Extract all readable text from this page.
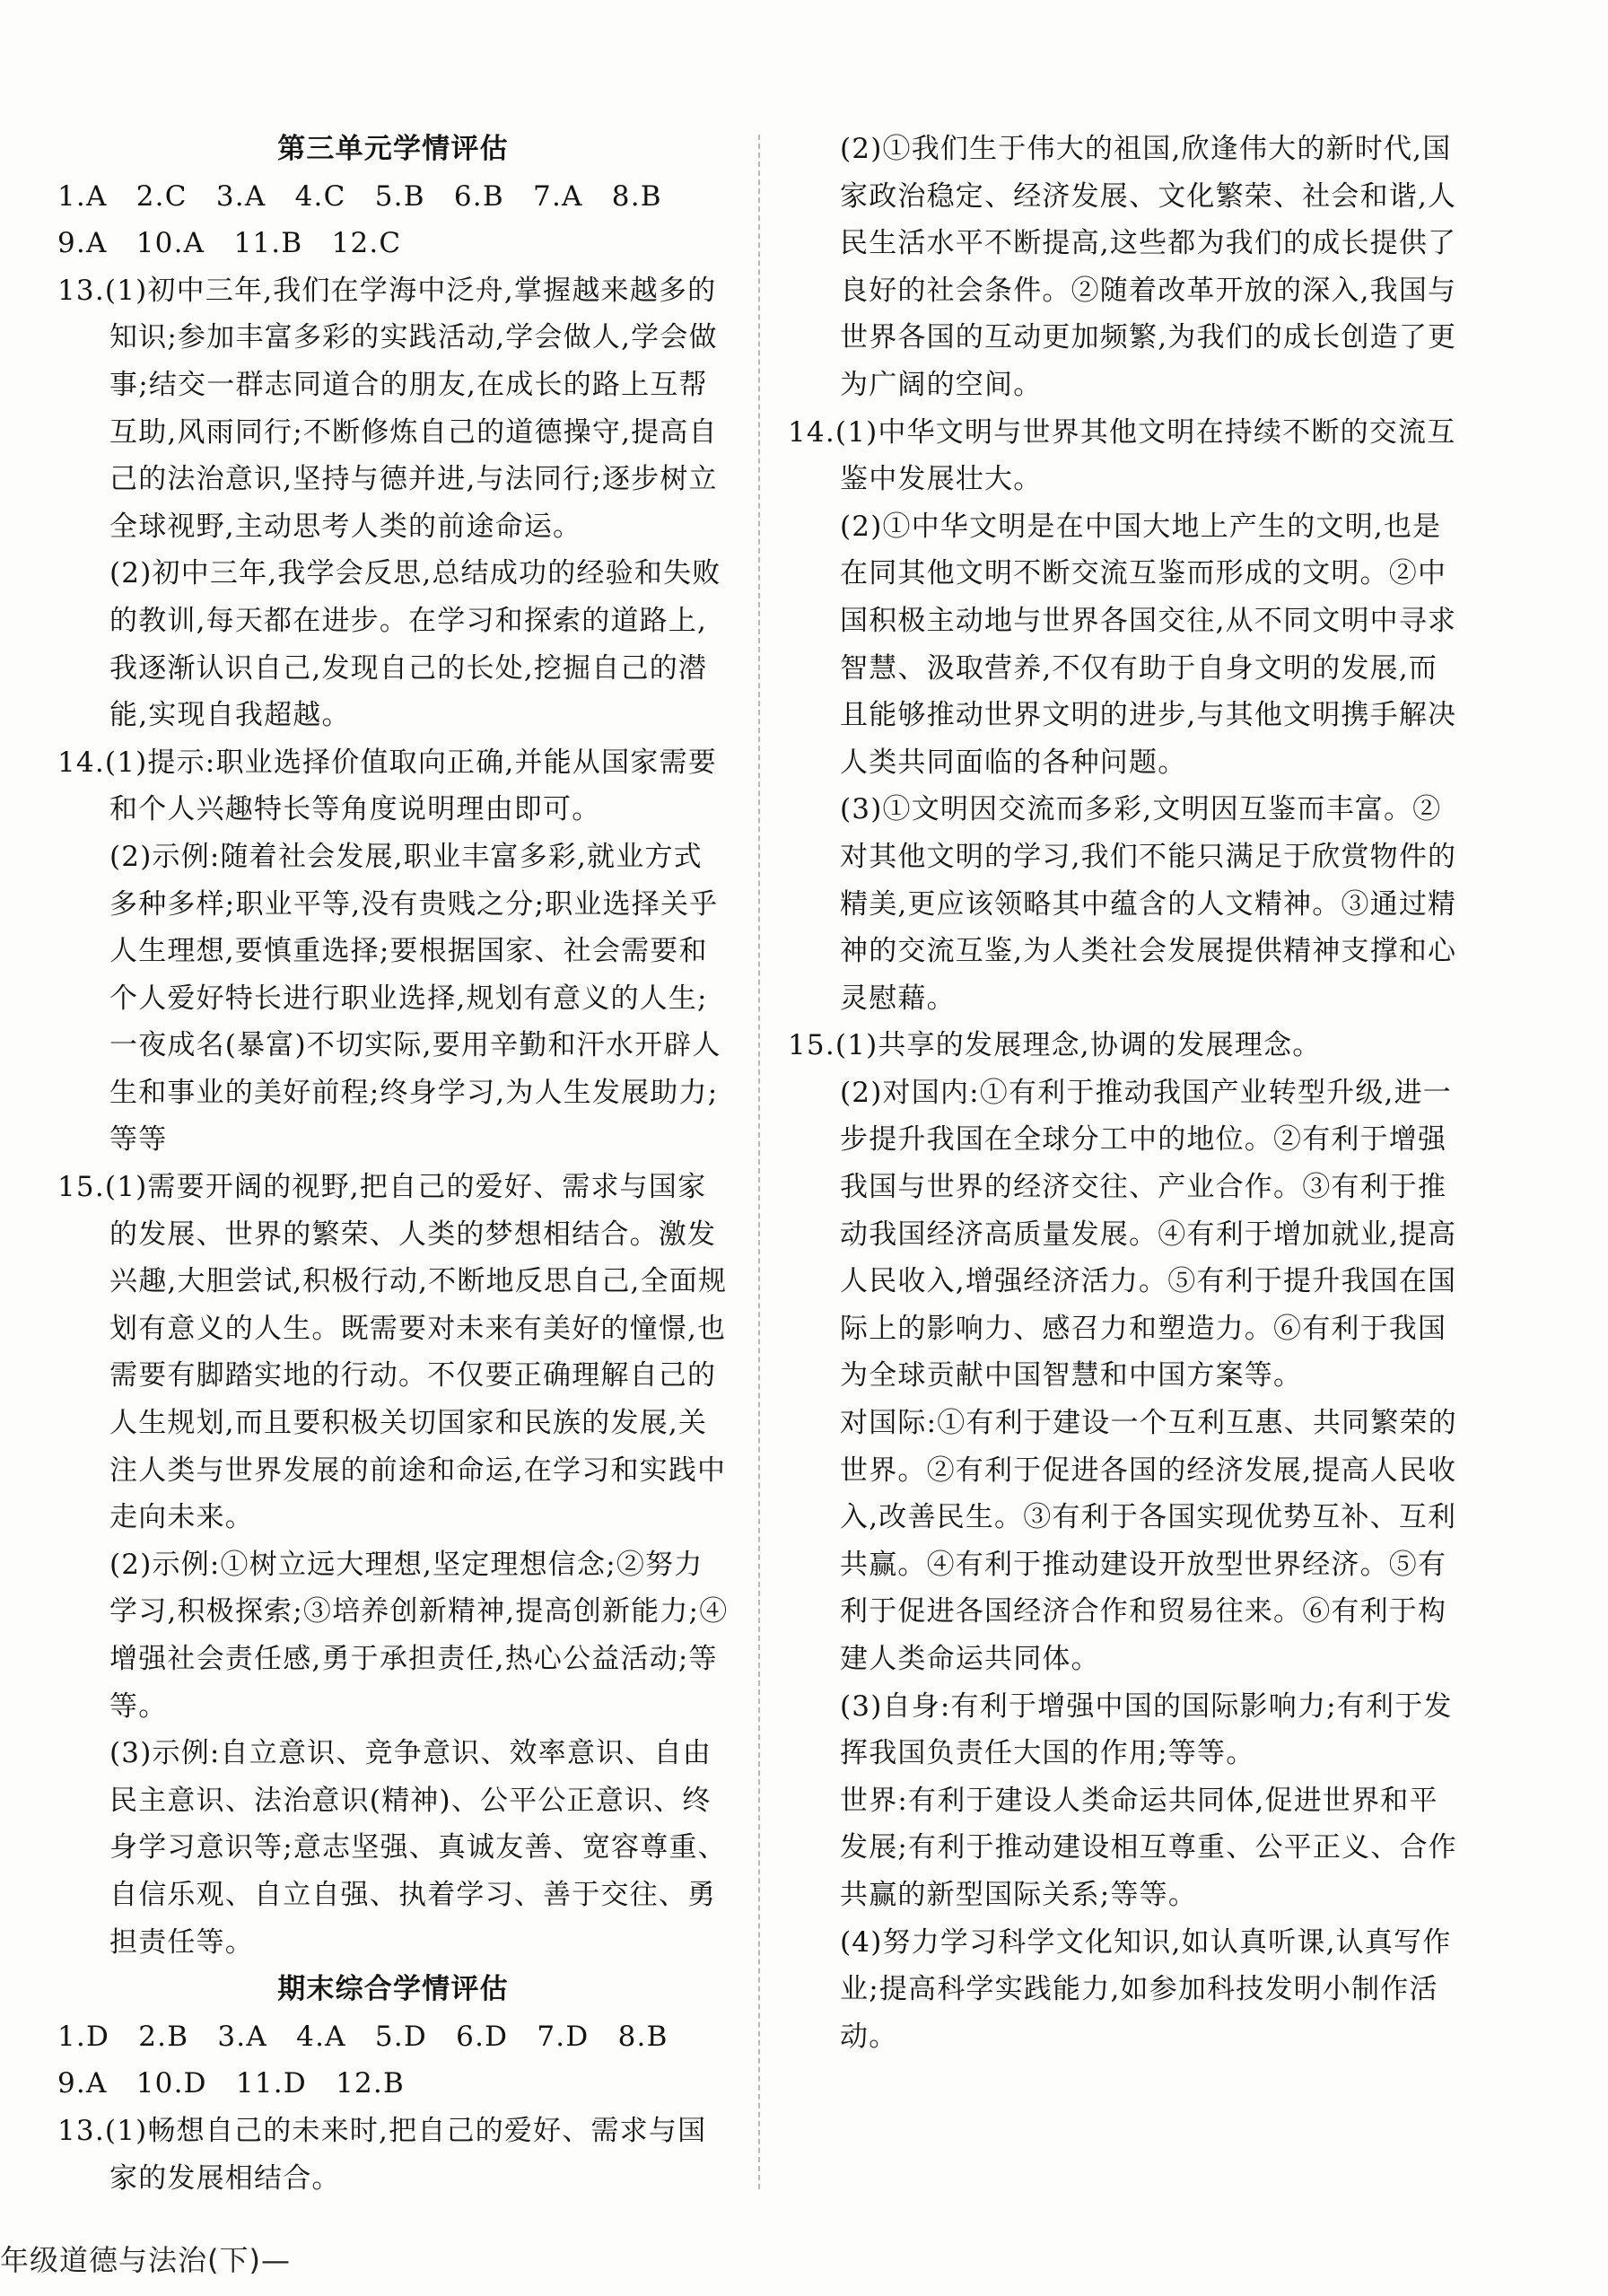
第三单元学情评估

1.A　2.C　3.A　4.C　5.B　6.B　7.A　8.B

9.A　10.A　11.B　12.C

13.(1)初中三年,我们在学海中泛舟,掌握越来越多的知识;参加丰富多彩的实践活动,学会做人,学会做事;结交一群志同道合的朋友,在成长的路上互帮互助,风雨同行;不断修炼自己的道德操守,提高自己的法治意识,坚持与德并进,与法同行;逐步树立全球视野,主动思考人类的前途命运。

(2)初中三年,我学会反思,总结成功的经验和失败的教训,每天都在进步。在学习和探索的道路上,我逐渐认识自己,发现自己的长处,挖掘自己的潜能,实现自我超越。

14.(1)提示:职业选择价值取向正确,并能从国家需要和个人兴趣特长等角度说明理由即可。

(2)示例:随着社会发展,职业丰富多彩,就业方式多种多样;职业平等,没有贵贱之分;职业选择关乎人生理想,要慎重选择;要根据国家、社会需要和个人爱好特长进行职业选择,规划有意义的人生;一夜成名(暴富)不切实际,要用辛勤和汗水开辟人生和事业的美好前程;终身学习,为人生发展助力;等等

15.(1)需要开阔的视野,把自己的爱好、需求与国家的发展、世界的繁荣、人类的梦想相结合。激发兴趣,大胆尝试,积极行动,不断地反思自己,全面规划有意义的人生。既需要对未来有美好的憧憬,也需要有脚踏实地的行动。不仅要正确理解自己的人生规划,而且要积极关切国家和民族的发展,关注人类与世界发展的前途和命运,在学习和实践中走向未来。

(2)示例:①树立远大理想,坚定理想信念;②努力学习,积极探索;③培养创新精神,提高创新能力;④增强社会责任感,勇于承担责任,热心公益活动;等等。

(3)示例:自立意识、竞争意识、效率意识、自由民主意识、法治意识(精神)、公平公正意识、终身学习意识等;意志坚强、真诚友善、宽容尊重、自信乐观、自立自强、执着学习、善于交往、勇担责任等。

期末综合学情评估

1.D　2.B　3.A　4.A　5.D　6.D　7.D　8.B

9.A　10.D　11.D　12.B

13.(1)畅想自己的未来时,把自己的爱好、需求与国家的发展相结合。

(2)①我们生于伟大的祖国,欣逢伟大的新时代,国家政治稳定、经济发展、文化繁荣、社会和谐,人民生活水平不断提高,这些都为我们的成长提供了良好的社会条件。②随着改革开放的深入,我国与世界各国的互动更加频繁,为我们的成长创造了更为广阔的空间。

14.(1)中华文明与世界其他文明在持续不断的交流互鉴中发展壮大。

(2)①中华文明是在中国大地上产生的文明,也是在同其他文明不断交流互鉴而形成的文明。②中国积极主动地与世界各国交往,从不同文明中寻求智慧、汲取营养,不仅有助于自身文明的发展,而且能够推动世界文明的进步,与其他文明携手解决人类共同面临的各种问题。

(3)①文明因交流而多彩,文明因互鉴而丰富。②对其他文明的学习,我们不能只满足于欣赏物件的精美,更应该领略其中蕴含的人文精神。③通过精神的交流互鉴,为人类社会发展提供精神支撑和心灵慰藉。

15.(1)共享的发展理念,协调的发展理念。

(2)对国内:①有利于推动我国产业转型升级,进一步提升我国在全球分工中的地位。②有利于增强我国与世界的经济交往、产业合作。③有利于推动我国经济高质量发展。④有利于增加就业,提高人民收入,增强经济活力。⑤有利于提升我国在国际上的影响力、感召力和塑造力。⑥有利于我国为全球贡献中国智慧和中国方案等。

对国际:①有利于建设一个互利互惠、共同繁荣的世界。②有利于促进各国的经济发展,提高人民收入,改善民生。③有利于各国实现优势互补、互利共赢。④有利于推动建设开放型世界经济。⑤有利于促进各国经济合作和贸易往来。⑥有利于构建人类命运共同体。

(3)自身:有利于增强中国的国际影响力;有利于发挥我国负责任大国的作用;等等。

世界:有利于建设人类命运共同体,促进世界和平发展;有利于推动建设相互尊重、公平正义、合作共赢的新型国际关系;等等。

(4)努力学习科学文化知识,如认真听课,认真写作业;提高科学实践能力,如参加科技发明小制作活动。

年级道德与法治(下)—
